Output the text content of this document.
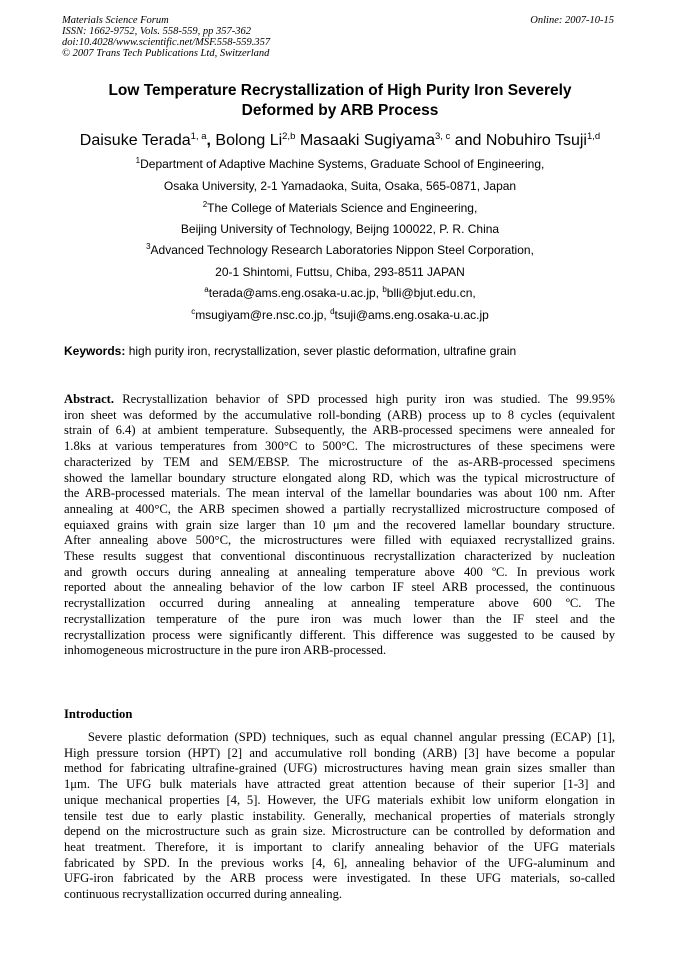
Materials Science Forum
ISSN: 1662-9752, Vols. 558-559, pp 357-362
doi:10.4028/www.scientific.net/MSF.558-559.357
© 2007 Trans Tech Publications Ltd, Switzerland
Online: 2007-10-15
Low Temperature Recrystallization of High Purity Iron Severely
Deformed by ARB Process
Daisuke Terada$^{1, a}$, Bolong Li$^{2,b}$ Masaaki Sugiyama$^{3, c}$ and Nobuhiro Tsuji$^{1,d}$
$^1$Department of Adaptive Machine Systems, Graduate School of Engineering,
Osaka University, 2-1 Yamadaoka, Suita, Osaka, 565-0871, Japan
$^2$The College of Materials Science and Engineering,
Beijing University of Technology, Beijng 100022, P. R. China
$^3$Advanced Technology Research Laboratories Nippon Steel Corporation,
20-1 Shintomi, Futtsu, Chiba, 293-8511 JAPAN
$^a$terada@ams.eng.osaka-u.ac.jp, $^b$blli@bjut.edu.cn,
$^c$msugiyam@re.nsc.co.jp, $^d$tsuji@ams.eng.osaka-u.ac.jp
Keywords: high purity iron, recrystallization, sever plastic deformation, ultrafine grain
Abstract. Recrystallization behavior of SPD processed high purity iron was studied. The 99.95%
iron sheet was deformed by the accumulative roll-bonding (ARB) process up to 8 cycles (equivalent
strain of 6.4) at ambient temperature. Subsequently, the ARB-processed specimens were annealed for
1.8ks at various temperatures from 300°C to 500°C. The microstructures of these specimens were
characterized by TEM and SEM/EBSP. The microstructure of the as-ARB-processed specimens
showed the lamellar boundary structure elongated along RD, which was the typical microstructure of
the ARB-processed materials. The mean interval of the lamellar boundaries was about 100 nm. After
annealing at 400°C, the ARB specimen showed a partially recrystallized microstructure composed of
equiaxed grains with grain size larger than 10 μm and the recovered lamellar boundary structure.
After annealing above 500°C, the microstructures were filled with equiaxed recrystallized grains.
These results suggest that conventional discontinuous recrystallization characterized by nucleation
and growth occurs during annealing at annealing temperature above 400 ºC. In previous work
reported about the annealing behavior of the low carbon IF steel ARB processed, the continuous
recrystallization occurred during annealing at annealing temperature above 600 ºC. The
recrystallization temperature of the pure iron was much lower than the IF steel and the
recrystallization process were significantly different. This difference was suggested to be caused by
inhomogeneous microstructure in the pure iron ARB-processed.
Introduction
Severe plastic deformation (SPD) techniques, such as equal channel angular pressing (ECAP) [1],
High pressure torsion (HPT) [2] and accumulative roll bonding (ARB) [3] have become a popular
method for fabricating ultrafine-grained (UFG) microstructures having mean grain sizes smaller than
1μm. The UFG bulk materials have attracted great attention because of their superior [1-3] and
unique mechanical properties [4, 5]. However, the UFG materials exhibit low uniform elongation in
tensile test due to early plastic instability. Generally, mechanical properties of materials strongly
depend on the microstructure such as grain size. Microstructure can be controlled by deformation and
heat treatment. Therefore, it is important to clarify annealing behavior of the UFG materials
fabricated by SPD. In the previous works [4, 6], annealing behavior of the UFG-aluminum and
UFG-iron fabricated by the ARB process were investigated. In these UFG materials, so-called
continuous recrystallization occurred during annealing.
